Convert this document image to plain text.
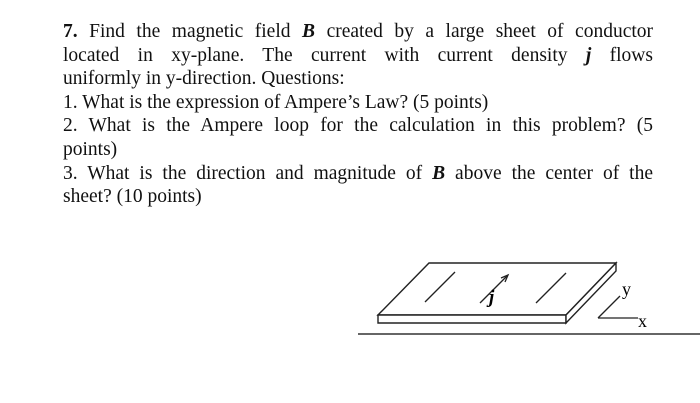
7. Find the magnetic field B created by a large sheet of conductor

located in xy-plane. The current with current density j flows

uniformly in y-direction. Questions:

1. What is the expression of Ampere’s Law? (5 points)

2. What is the Ampere loop for the calculation in this problem? (5

points)

3. What is the direction and magnitude of B above the center of the

sheet? (10 points)

j	y
x
